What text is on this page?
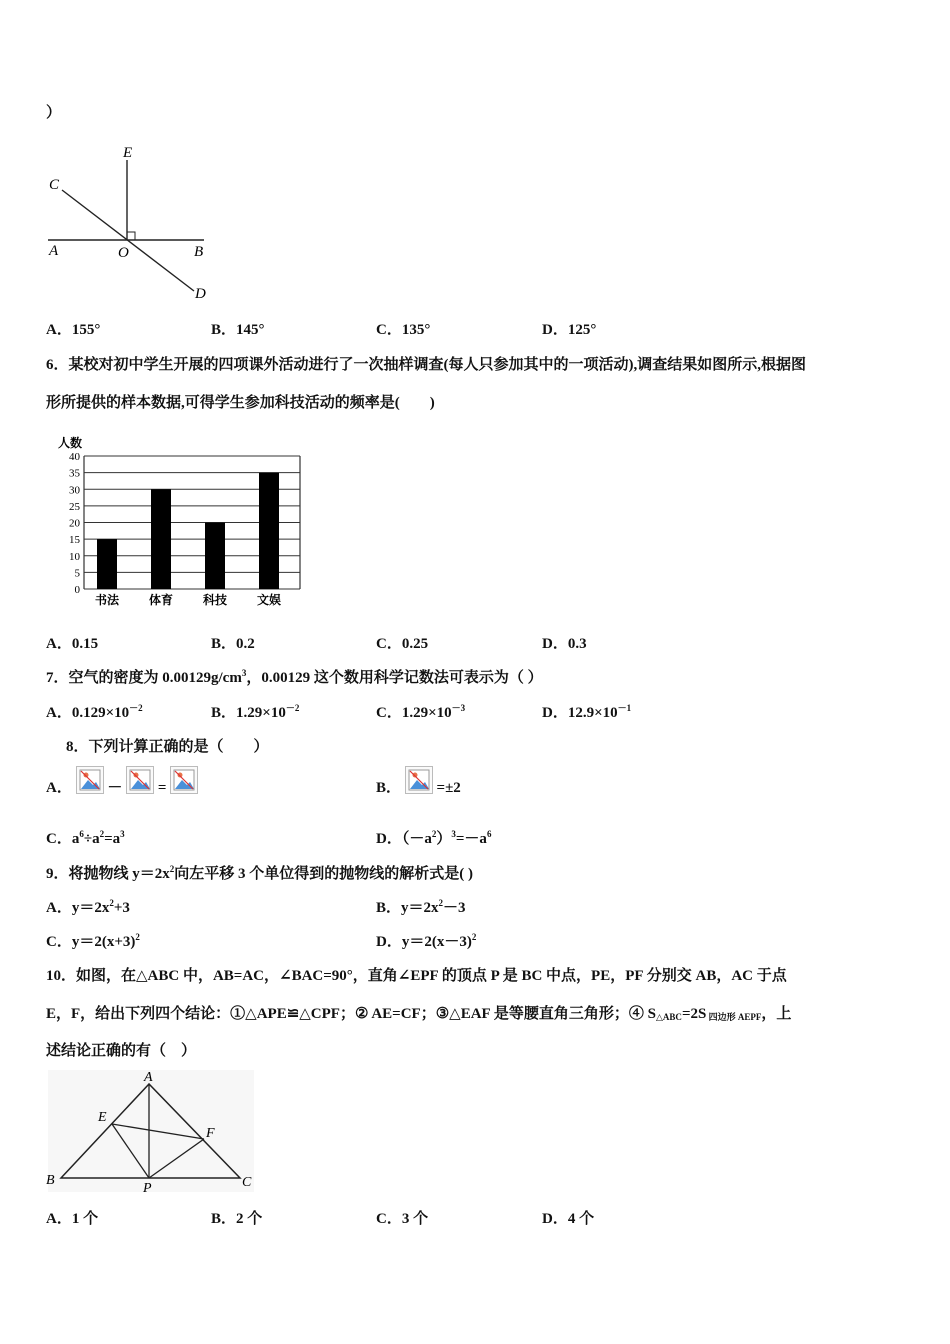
）
E
C
A	O	B
D
A．155°	B．145°	C．135°	D．125°
6．某校对初中学生开展的四项课外活动进行了一次抽样调查(每人只参加其中的一项活动),调查结果如图所示,根据图
形所提供的样本数据,可得学生参加科技活动的频率是(　　)
0
5
10
15
20
25
30
35
40
书法 体育 科技 文娱
人数
A．0.15	B．0.2	C．0.25	D．0.3
7．空气的密度为 $0.00129g/cm^3$，0.00129 这个数用科学记数法可表示为（ ）
A．$0.129\times 10^{-2}$	B．$1.29\times 10^{-2}$	C．$1.29\times 10^{-3}$	D．$12.9\times 10^{-1}$
8．下列计算正确的是（　　）
A． － =	B． =±2
C．$a^6\div a^2=a^3$	D．$(-a^2)^3=-a^6$
9．将抛物线 $y=2x^2$向左平移 3 个单位得到的抛物线的解析式是( )
A．$y=2x^2+3$	B．$y=2x^2-3$
C．$y=2(x+3)^2$	D．$y=2(x-3)^2$
10．如图，在△ABC 中，AB=AC，∠BAC=90°，直角∠EPF 的顶点 P 是 BC 中点，PE，PF 分别交 AB，AC 于点
E，F，给出下列四个结论：①△APE≌△CPF；② AE=CF；③△EAF 是等腰直角三角形；④ $S_{\triangle ABC}=2S$ $_{四边形 AEPF}$，上
述结论正确的有（　）
A
E
F
B
P	C
A．1 个	B．2 个	C．3 个	D．4 个
